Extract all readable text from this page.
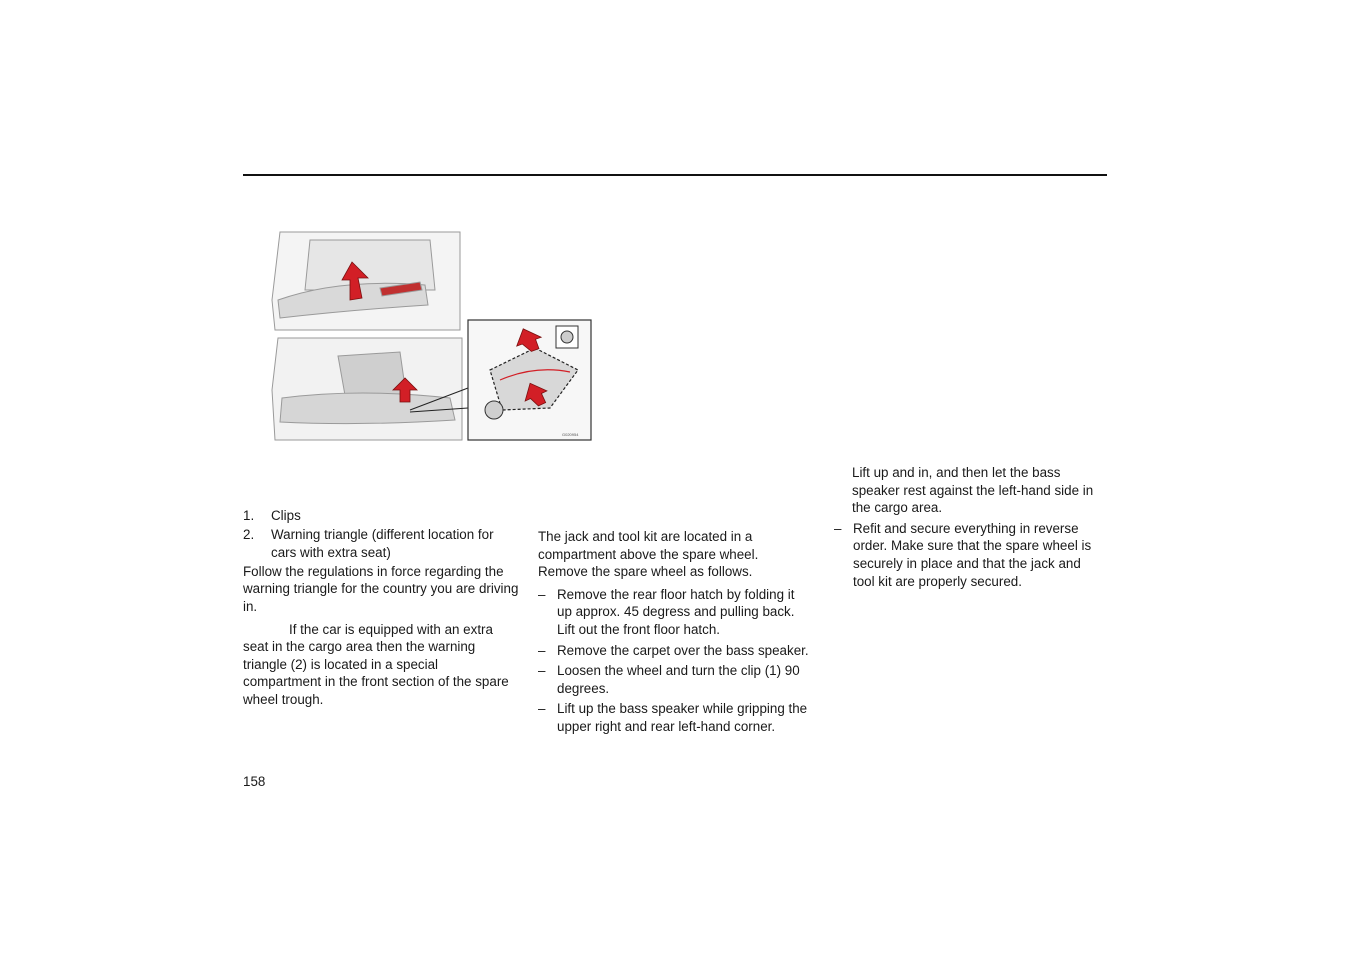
G020954
1. Clips
2. Warning triangle (different location for cars with extra seat)

Follow the regulations in force regarding the warning triangle for the country you are driving in.

If the car is equipped with an extra seat in the cargo area then the warning triangle (2) is located in a special compartment in the front section of the spare wheel trough.

The jack and tool kit are located in a compartment above the spare wheel. Remove the spare wheel as follows.

– Remove the rear floor hatch by folding it up approx. 45 degress and pulling back. Lift out the front floor hatch.
– Remove the carpet over the bass speaker.
– Loosen the wheel and turn the clip (1) 90 degrees.
– Lift up the bass speaker while gripping the upper right and rear left-hand corner.

Lift up and in, and then let the bass speaker rest against the left-hand side in the cargo area.

– Refit and secure everything in reverse order. Make sure that the spare wheel is securely in place and that the jack and tool kit are properly secured.
158
